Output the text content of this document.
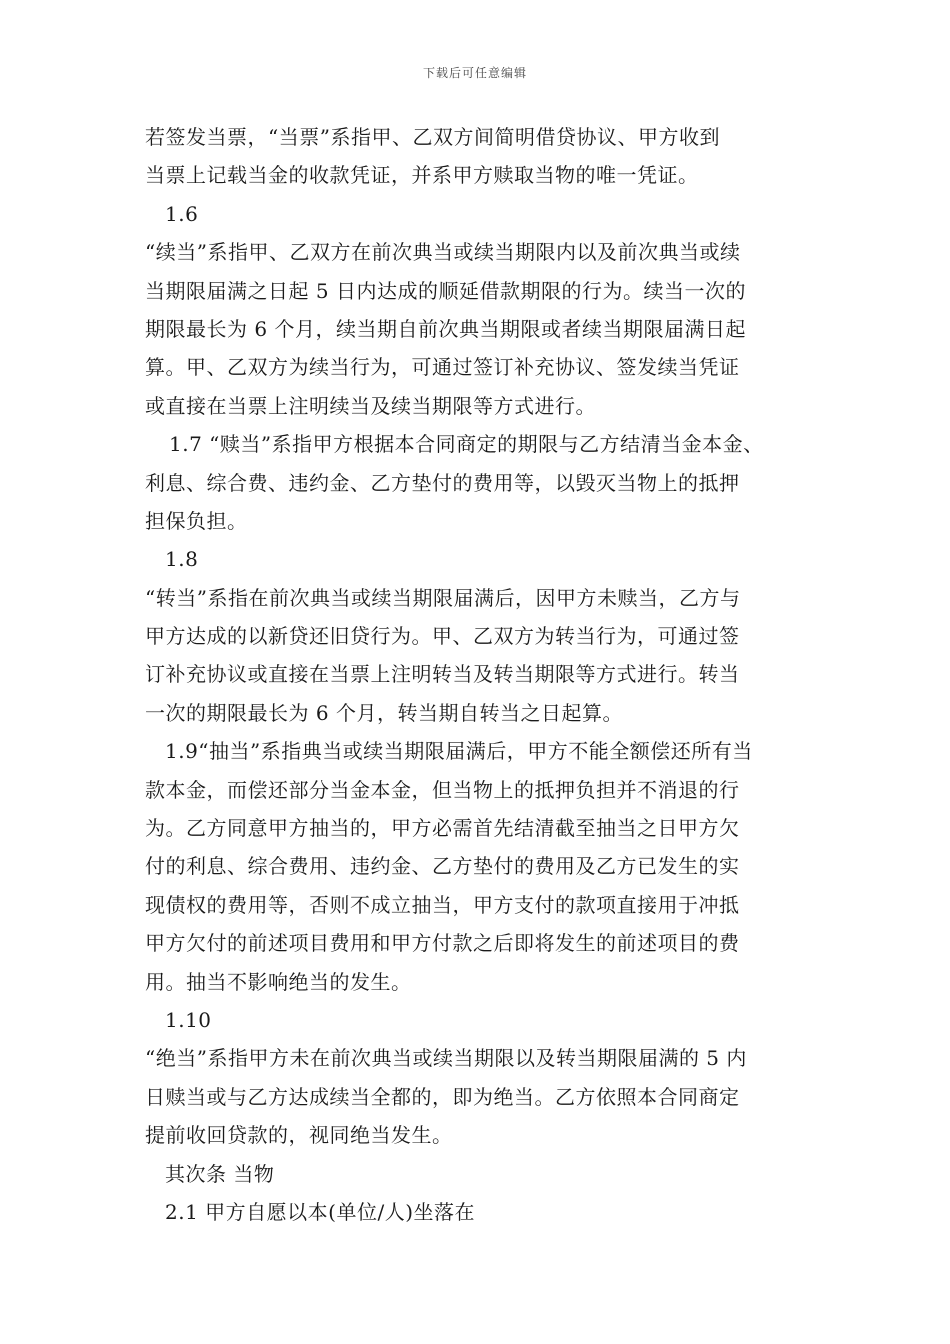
下载后可任意编辑
若签发当票，“当票”系指甲、乙双方间简明借贷协议、甲方收到
当票上记载当金的收款凭证，并系甲方赎取当物的唯一凭证。
1.6
“续当”系指甲、乙双方在前次典当或续当期限内以及前次典当或续
当期限届满之日起 5 日内达成的顺延借款期限的行为。续当一次的
期限最长为 6 个月，续当期自前次典当期限或者续当期限届满日起
算。甲、乙双方为续当行为，可通过签订补充协议、签发续当凭证
或直接在当票上注明续当及续当期限等方式进行。
1.7 “赎当”系指甲方根据本合同商定的期限与乙方结清当金本金、
利息、综合费、违约金、乙方垫付的费用等，以毁灭当物上的抵押
担保负担。
1.8
“转当”系指在前次典当或续当期限届满后，因甲方未赎当，乙方与
甲方达成的以新贷还旧贷行为。甲、乙双方为转当行为，可通过签
订补充协议或直接在当票上注明转当及转当期限等方式进行。转当
一次的期限最长为 6 个月，转当期自转当之日起算。
1.9“抽当”系指典当或续当期限届满后，甲方不能全额偿还所有当
款本金，而偿还部分当金本金，但当物上的抵押负担并不消退的行
为。乙方同意甲方抽当的，甲方必需首先结清截至抽当之日甲方欠
付的利息、综合费用、违约金、乙方垫付的费用及乙方已发生的实
现债权的费用等，否则不成立抽当，甲方支付的款项直接用于冲抵
甲方欠付的前述项目费用和甲方付款之后即将发生的前述项目的费
用。抽当不影响绝当的发生。
1.10
“绝当”系指甲方未在前次典当或续当期限以及转当期限届满的 5 内
日赎当或与乙方达成续当全都的，即为绝当。乙方依照本合同商定
提前收回贷款的，视同绝当发生。
其次条 当物
2.1 甲方自愿以本(单位/人)坐落在
